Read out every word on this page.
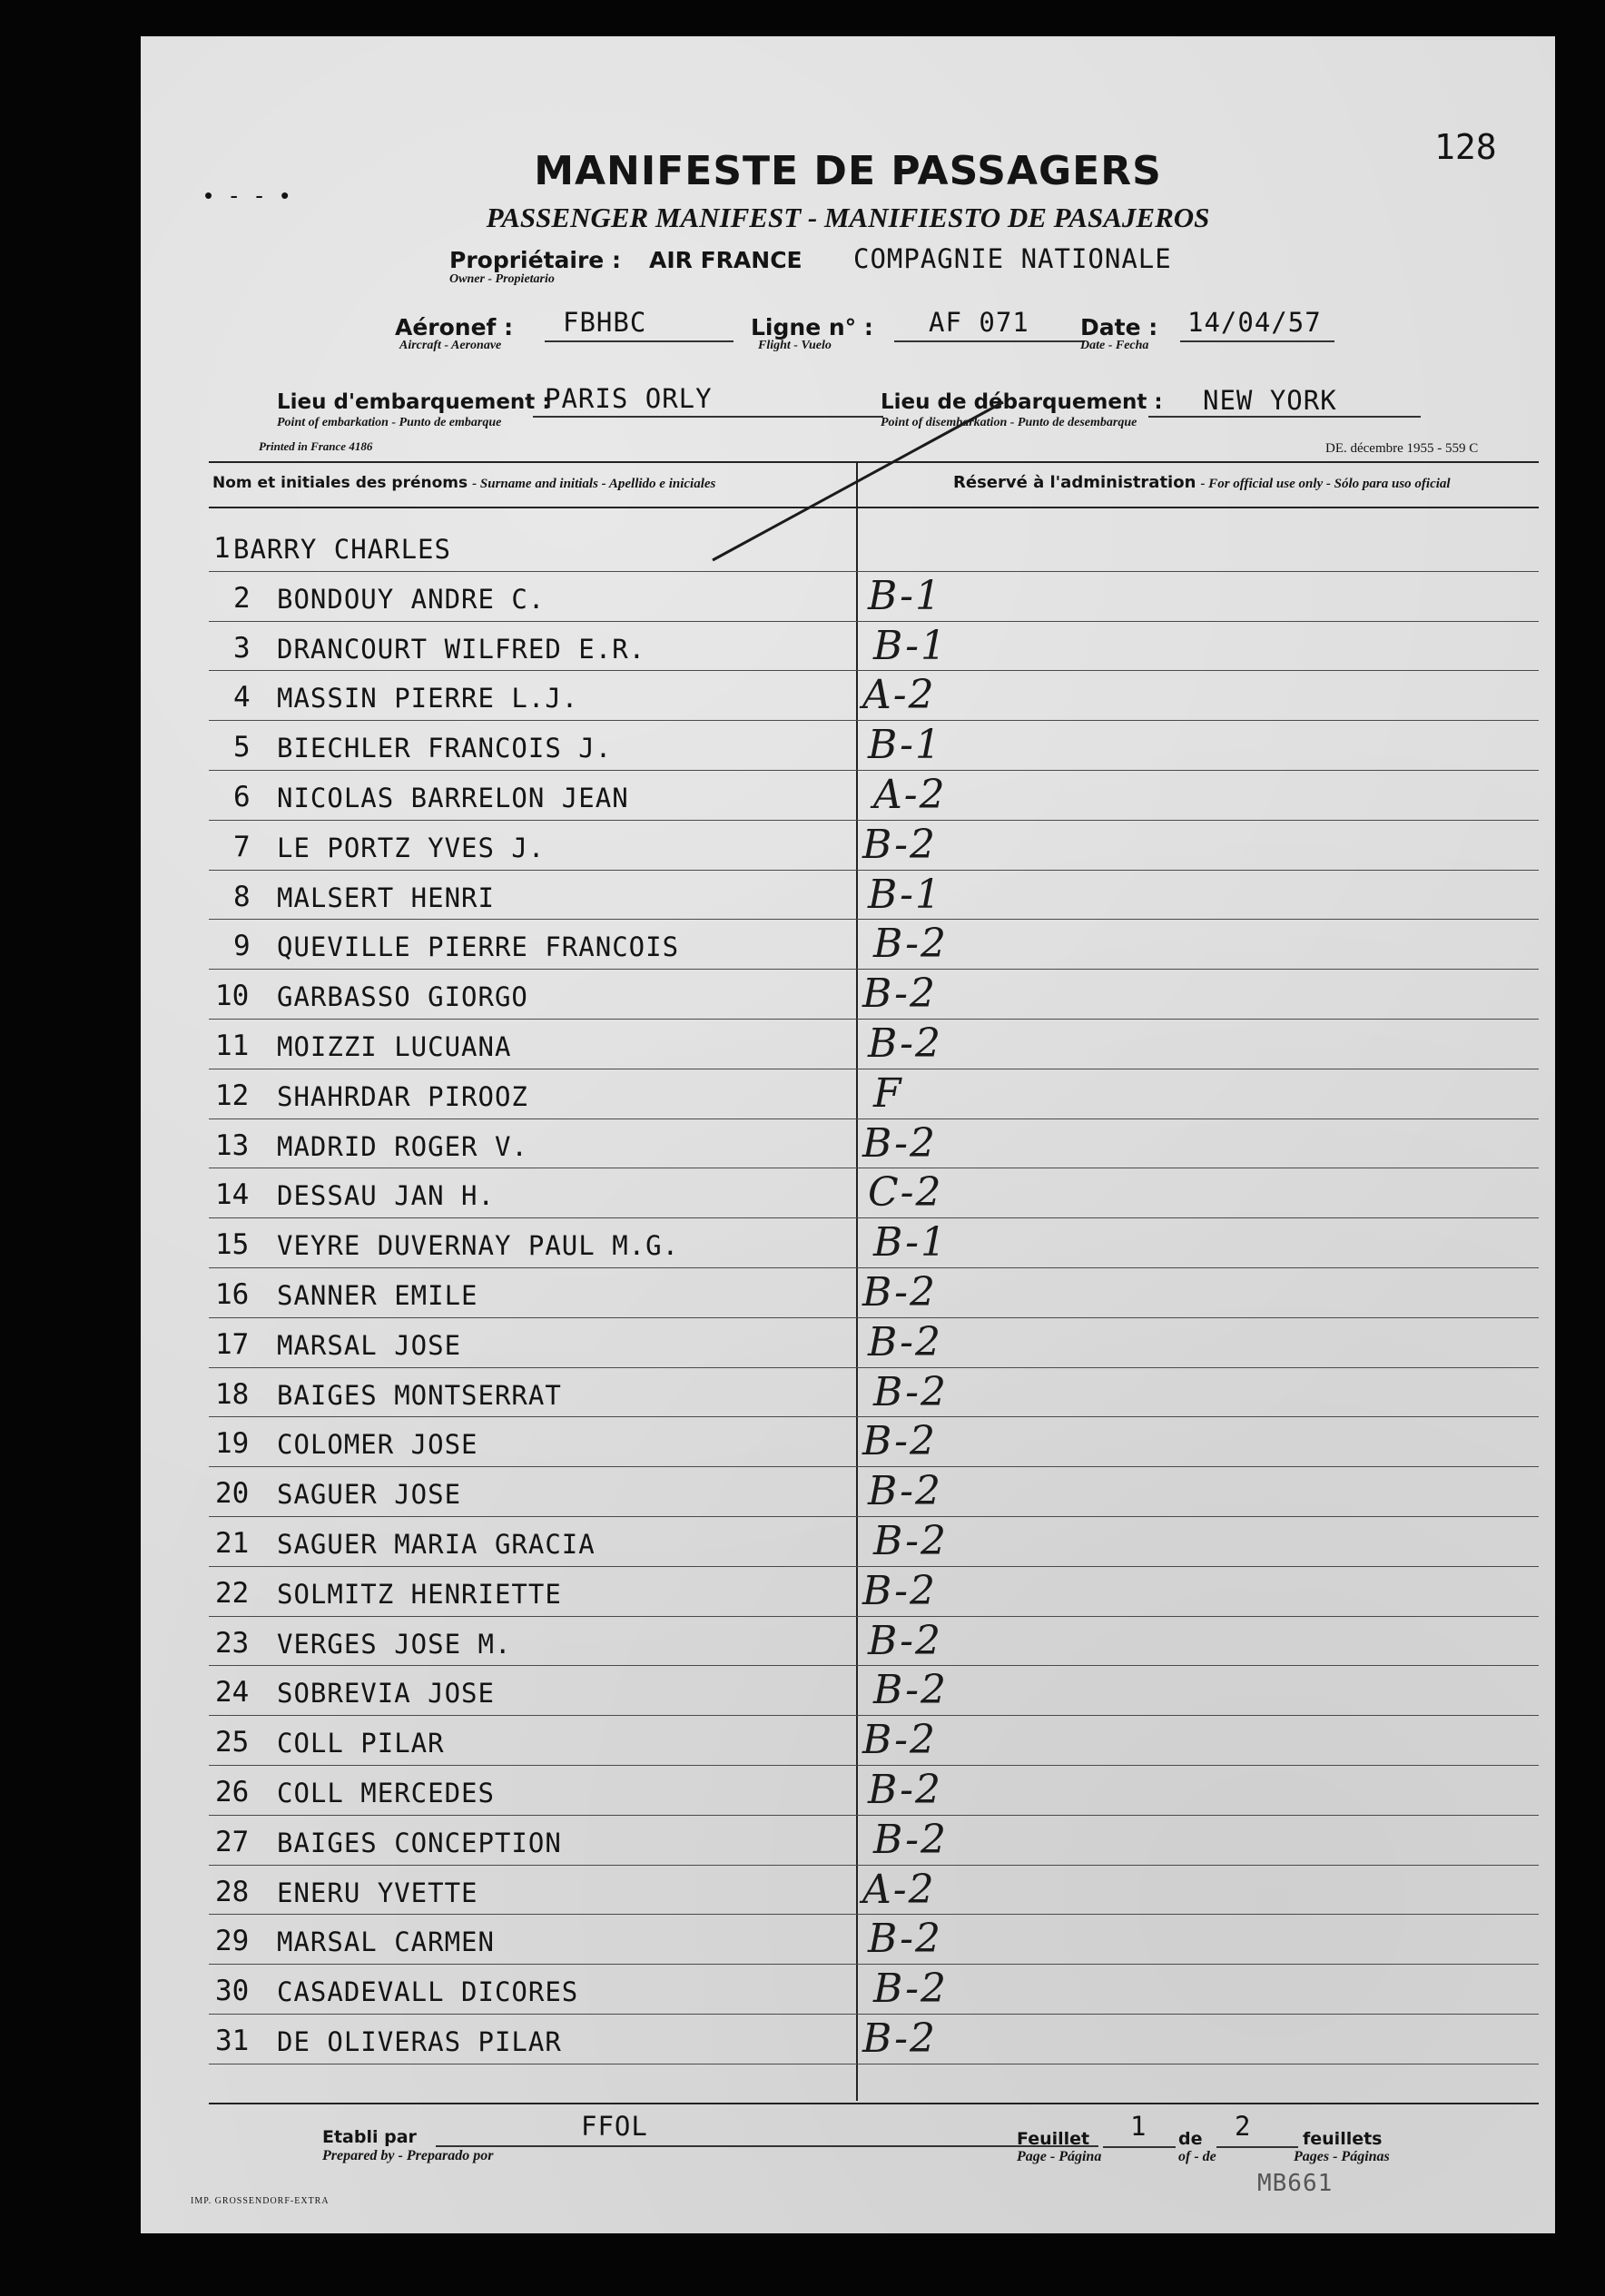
• - - •
128
MANIFESTE DE PASSAGERS
PASSENGER MANIFEST - MANIFIESTO DE PASAJEROS
Propriétaire : AIR FRANCE COMPAGNIE NATIONALE
Owner - Propietario
Aéronef : FBHBC
Aircraft - Aeronave
Ligne n° : AF 071
Flight - Vuelo
Date : 14/04/57
Date - Fecha
Lieu d'embarquement :
PARIS ORLY
Point of embarkation - Punto de embarque
Lieu de débarquement : NEW YORK
Point of disembarkation - Punto de desembarque
Printed in France 4186	DE. décembre 1955 - 559 C
Nom et initiales des prénoms - Surname and initials - Apellido e iniciales	Réservé à l'administration - For official use only - Sólo para uso oficial
1 BARRY CHARLES
2 BONDOUY ANDRE C.	B-1
3 DRANCOURT WILFRED E.R.	B-1
4 MASSIN PIERRE L.J.	A-2
5 BIECHLER FRANCOIS J.	B-1
6 NICOLAS BARRELON JEAN	A-2
7 LE PORTZ YVES J.	B-2
8 MALSERT HENRI	B-1
9 QUEVILLE PIERRE FRANCOIS	B-2
10 GARBASSO GIORGO	B-2
11 MOIZZI LUCUANA	B-2
12 SHAHRDAR PIROOZ	F
13 MADRID ROGER V.	B-2
14 DESSAU JAN H.	C-2
15 VEYRE DUVERNAY PAUL M.G.	B-1
16 SANNER EMILE	B-2
17 MARSAL JOSE	B-2
18 BAIGES MONTSERRAT	B-2
19 COLOMER JOSE	B-2
20 SAGUER JOSE	B-2
21 SAGUER MARIA GRACIA	B-2
22 SOLMITZ HENRIETTE	B-2
23 VERGES JOSE M.	B-2
24 SOBREVIA JOSE	B-2
25 COLL PILAR	B-2
26 COLL MERCEDES	B-2
27 BAIGES CONCEPTION	B-2
28 ENERU YVETTE	A-2
29 MARSAL CARMEN	B-2
30 CASADEVALL DICORES	B-2
31 DE OLIVERAS PILAR	B-2
Etabli par
Prepared by - Preparado por
FFOL	Feuillet
Page - Página
1 de
of - de
2	feuillets
Pages - Páginas
IMP. GROSSENDORF-EXTRA
MB661
